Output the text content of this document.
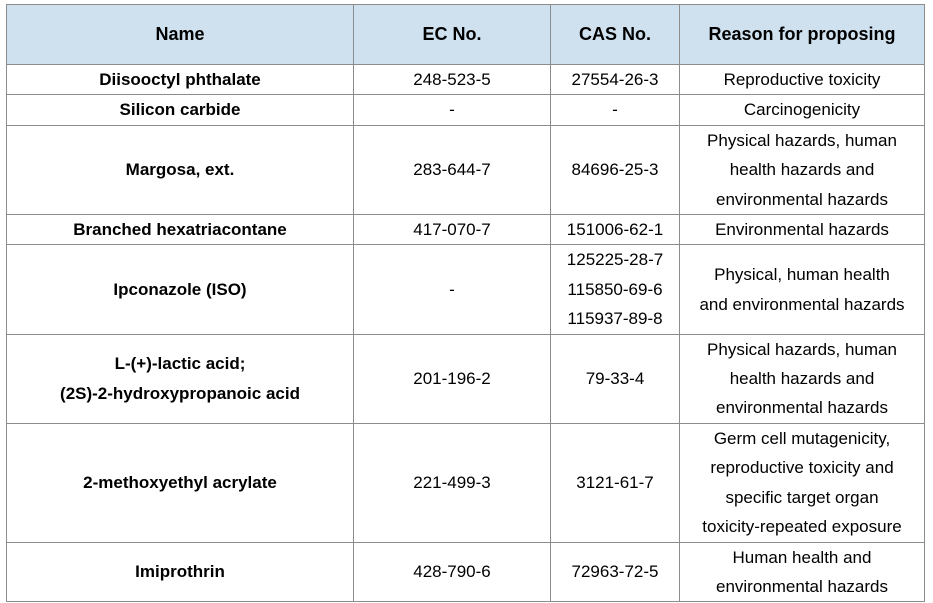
Name	EC No.	CAS No.	Reason for proposing

Diisooctyl phthalate	248-523-5	27554-26-3	Reproductive toxicity

Silicon carbide	-	-	Carcinogenicity

Margosa, ext.	283-644-7	84696-25-3	Physical hazards, human
health hazards and
environmental hazards

Branched hexatriacontane	417-070-7	151006-62-1	Environmental hazards

Ipconazole (ISO)	-	125225-28-7
115850-69-6
115937-89-8	Physical, human health
and environmental hazards

L-(+)-lactic acid;
(2S)-2-hydroxypropanoic acid	201-196-2	79-33-4	Physical hazards, human
health hazards and
environmental hazards

2-methoxyethyl acrylate	221-499-3	3121-61-7	Germ cell mutagenicity,
reproductive toxicity and
specific target organ
toxicity-repeated exposure

Imiprothrin	428-790-6	72963-72-5	Human health and
environmental hazards
